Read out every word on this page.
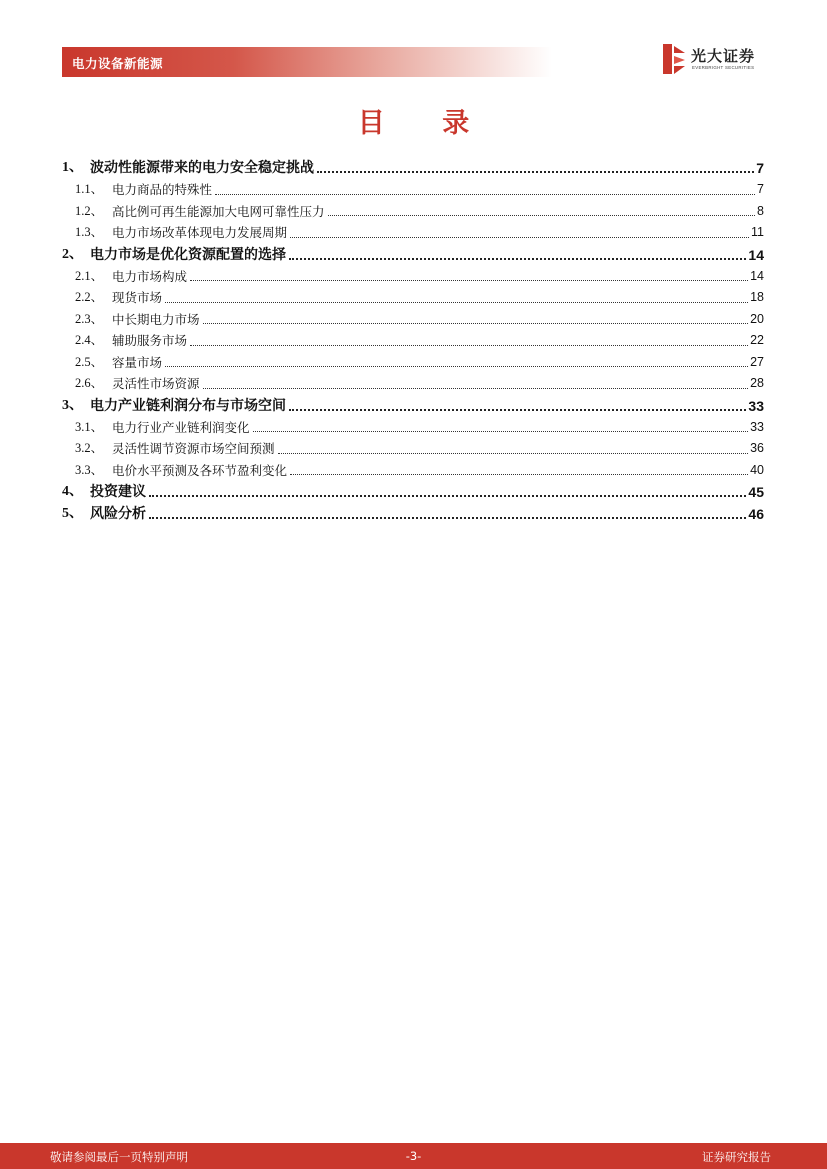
电力设备新能源	光大证券
EVERBRIGHT SECURITIES
目 录
1、 波动性能源带来的电力安全稳定挑战	7
1.1、 电力商品的特殊性	7
1.2、 高比例可再生能源加大电网可靠性压力	8
1.3、 电力市场改革体现电力发展周期	11
2、 电力市场是优化资源配置的选择	14
2.1、 电力市场构成	14
2.2、 现货市场	18
2.3、 中长期电力市场	20
2.4、 辅助服务市场	22
2.5、 容量市场	27
2.6、 灵活性市场资源	28
3、 电力产业链利润分布与市场空间	33
3.1、 电力行业产业链利润变化	33
3.2、 灵活性调节资源市场空间预测	36
3.3、 电价水平预测及各环节盈利变化	40
4、 投资建议	45
5、 风险分析	46
敬请参阅最后一页特别声明	-3-	证券研究报告
